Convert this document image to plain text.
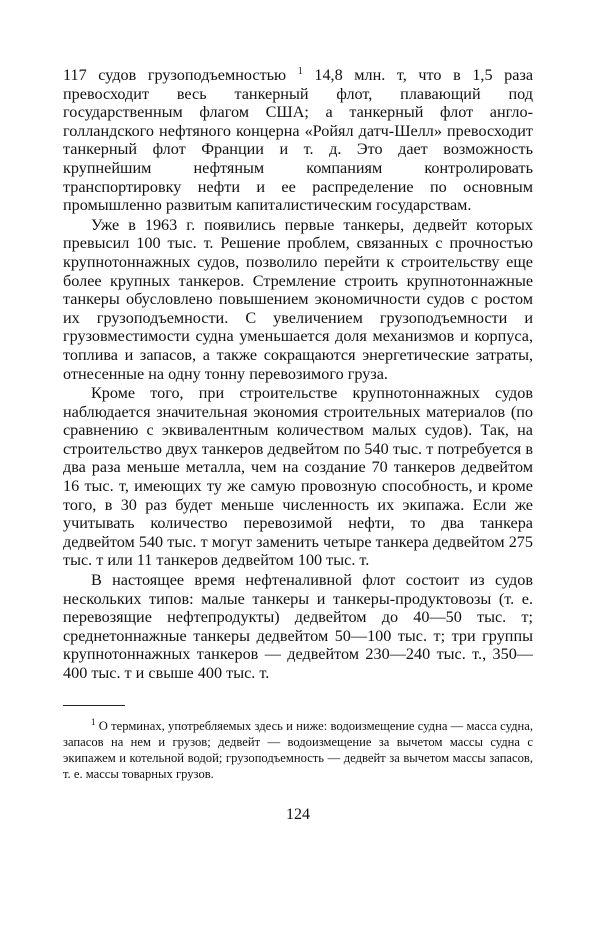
117 судов грузоподъемностью $^1$ 14,8 млн. т, что в 1,5 раза превосходит весь танкерный флот, плавающий под государственным флагом США; а танкерный флот англо-голландского нефтяного концерна «Ройял датч-Шелл» превосходит танкерный флот Франции и т. д. Это дает возможность крупнейшим нефтяным компаниям контролировать транспортировку нефти и ее распределение по основным промышленно развитым капиталистическим государствам.

Уже в 1963 г. появились первые танкеры, дедвейт которых превысил 100 тыс. т. Решение проблем, связанных с прочностью крупнотоннажных судов, позволило перейти к строительству еще более крупных танкеров. Стремление строить крупнотоннажные танкеры обусловлено повышением экономичности судов с ростом их грузоподъемности. С увеличением грузоподъемности и грузовместимости судна уменьшается доля механизмов и корпуса, топлива и запасов, а также сокращаются энергетические затраты, отнесенные на одну тонну перевозимого груза.

Кроме того, при строительстве крупнотоннажных судов наблюдается значительная экономия строительных материалов (по сравнению с эквивалентным количеством малых судов). Так, на строительство двух танкеров дедвейтом по 540 тыс. т потребуется в два раза меньше металла, чем на создание 70 танкеров дедвейтом 16 тыс. т, имеющих ту же самую провозную способность, и кроме того, в 30 раз будет меньше численность их экипажа. Если же учитывать количество перевозимой нефти, то два танкера дедвейтом 540 тыс. т могут заменить четыре танкера дедвейтом 275 тыс. т или 11 танкеров дедвейтом 100 тыс. т.

В настоящее время нефтеналивной флот состоит из судов нескольких типов: малые танкеры и танкеры-продуктовозы (т. е. перевозящие нефтепродукты) дедвейтом до 40—50 тыс. т; среднетоннажные танкеры дедвейтом 50—100 тыс. т; три группы крупнотоннажных танкеров — дедвейтом 230—240 тыс. т., 350—400 тыс. т и свыше 400 тыс. т.

$^1$ О терминах, употребляемых здесь и ниже: водоизмещение судна — масса судна, запасов на нем и грузов; дедвейт — водоизмещение за вычетом массы судна с экипажем и котельной водой; грузоподъемность — дедвейт за вычетом массы запасов, т. е. массы товарных грузов.

124
